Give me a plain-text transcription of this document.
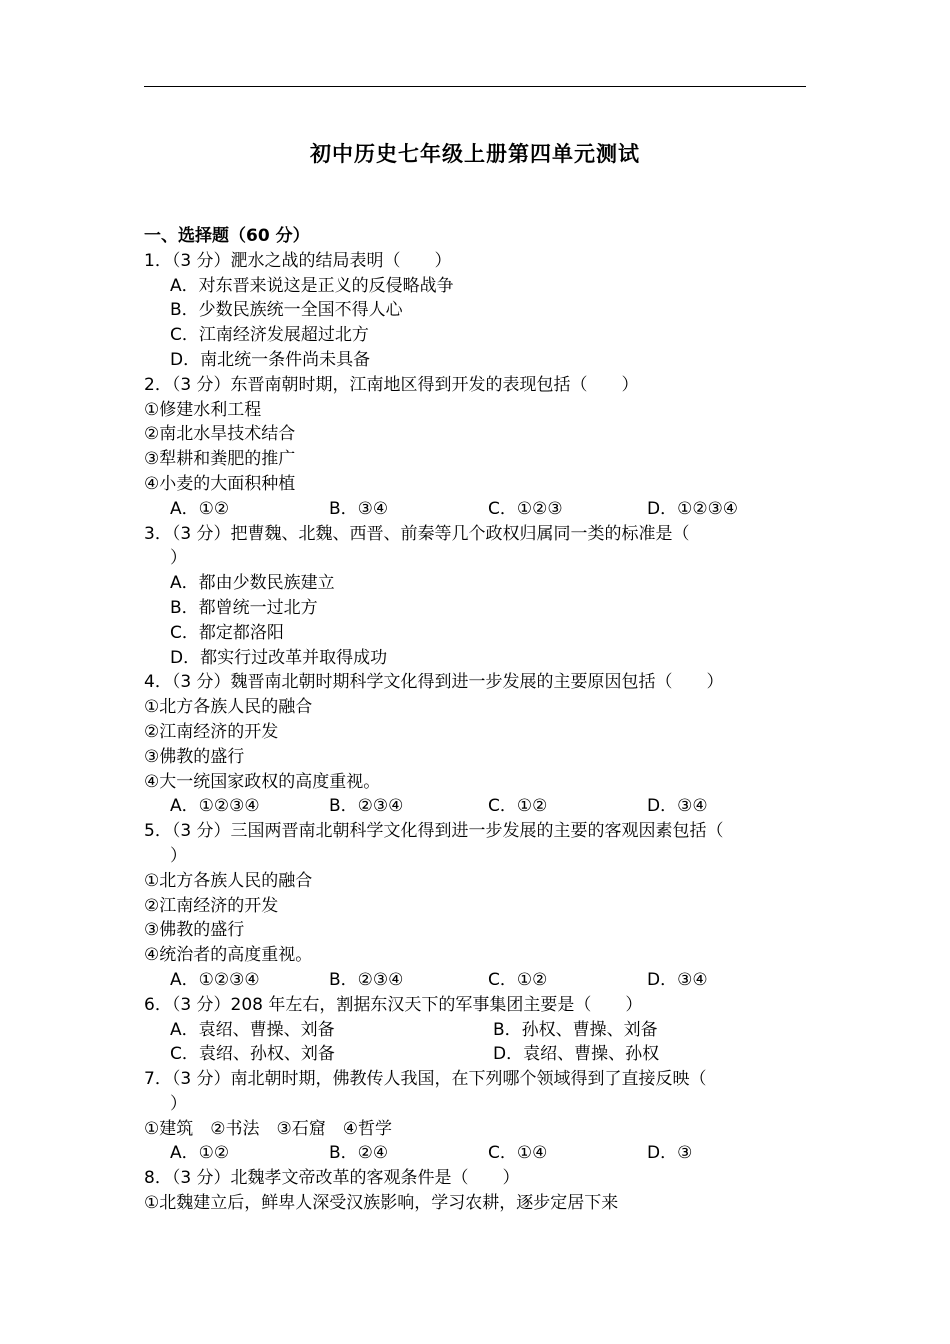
初中历史七年级上册第四单元测试
一、选择题（60 分）
1．（3 分）淝水之战的结局表明（　　）
A．对东晋来说这是正义的反侵略战争
B．少数民族统一全国不得人心
C．江南经济发展超过北方
D．南北统一条件尚未具备
2．（3 分）东晋南朝时期，江南地区得到开发的表现包括（　　）
①修建水利工程
②南北水旱技术结合
③犁耕和粪肥的推广
④小麦的大面积种植
A．①②	B．③④	C．①②③	D．①②③④
3．（3 分）把曹魏、北魏、西晋、前秦等几个政权归属同一类的标准是（
）
A．都由少数民族建立
B．都曾统一过北方
C．都定都洛阳
D．都实行过改革并取得成功
4．（3 分）魏晋南北朝时期科学文化得到进一步发展的主要原因包括（　　）
①北方各族人民的融合
②江南经济的开发
③佛教的盛行
④大一统国家政权的高度重视。
A．①②③④	B．②③④	C．①②	D．③④
5．（3 分）三国两晋南北朝科学文化得到进一步发展的主要的客观因素包括（
）
①北方各族人民的融合
②江南经济的开发
③佛教的盛行
④统治者的高度重视。
A．①②③④	B．②③④	C．①②	D．③④
6．（3 分）208 年左右，割据东汉天下的军事集团主要是（　　）
A．袁绍、曹操、刘备	B．孙权、曹操、刘备
C．袁绍、孙权、刘备	D．袁绍、曹操、孙权
7．（3 分）南北朝时期，佛教传人我国，在下列哪个领域得到了直接反映（
）
①建筑　②书法　③石窟　④哲学
A．①②	B．②④	C．①④	D．③
8．（3 分）北魏孝文帝改革的客观条件是（　　）
①北魏建立后，鲜卑人深受汉族影响，学习农耕，逐步定居下来
